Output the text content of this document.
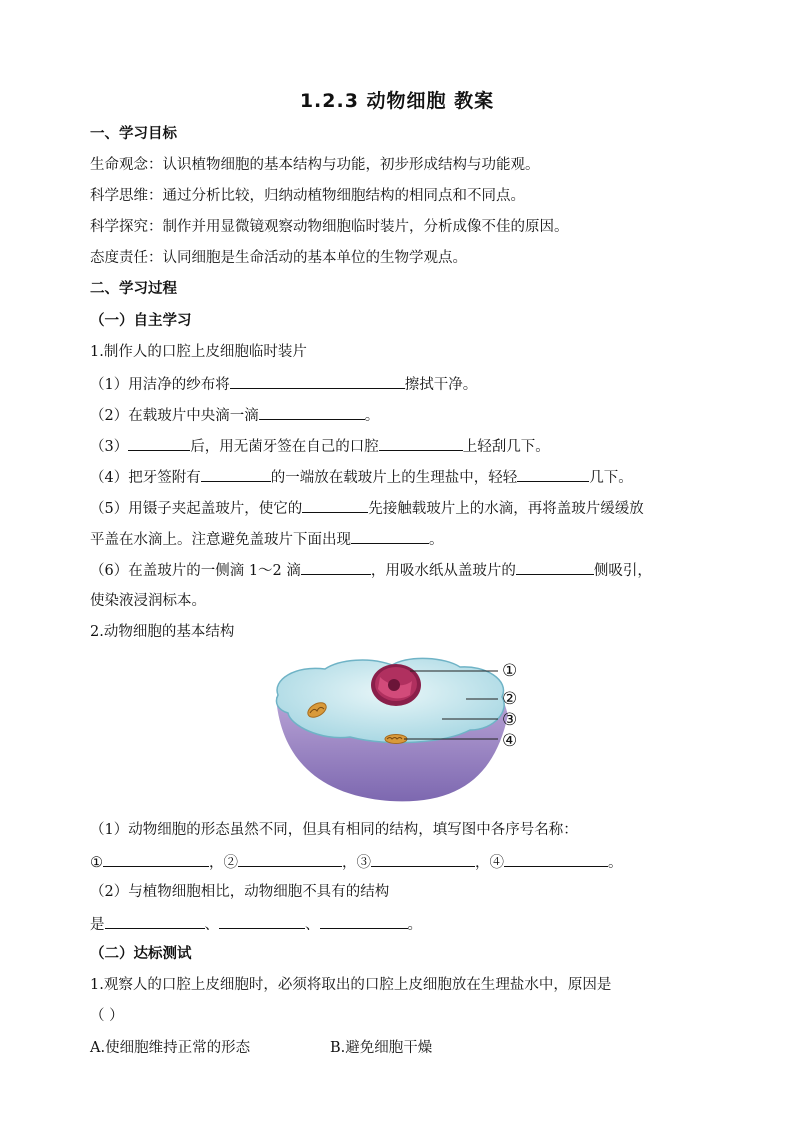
1.2.3 动物细胞 教案
一、学习目标
生命观念：认识植物细胞的基本结构与功能，初步形成结构与功能观。
科学思维：通过分析比较，归纳动植物细胞结构的相同点和不同点。
科学探究：制作并用显微镜观察动物细胞临时装片，分析成像不佳的原因。
态度责任：认同细胞是生命活动的基本单位的生物学观点。
二、学习过程
（一）自主学习
1.制作人的口腔上皮细胞临时装片
（1）用洁净的纱布将	擦拭干净。
（2）在载玻片中央滴一滴	。
（3）	后，用无菌牙签在自己的口腔	上轻刮几下。
（4）把牙签附有	的一端放在载玻片上的生理盐中，轻轻	几下。
（5）用镊子夹起盖玻片，使它的	先接触载玻片上的水滴，再将盖玻片缓缓放
平盖在水滴上。注意避免盖玻片下面出现	。
（6）在盖玻片的一侧滴 1～2 滴	，用吸水纸从盖玻片的	侧吸引，
使染液浸润标本。
2.动物细胞的基本结构
①
②
③
④
（1）动物细胞的形态虽然不同，但具有相同的结构，填写图中各序号名称：
①	，②	，③	，④	。
（2）与植物细胞相比，动物细胞不具有的结构
是	、	、	。
（二）达标测试
1.观察人的口腔上皮细胞时，必须将取出的口腔上皮细胞放在生理盐水中，原因是
（ ）
A.使细胞维持正常的形态	B.避免细胞干燥
